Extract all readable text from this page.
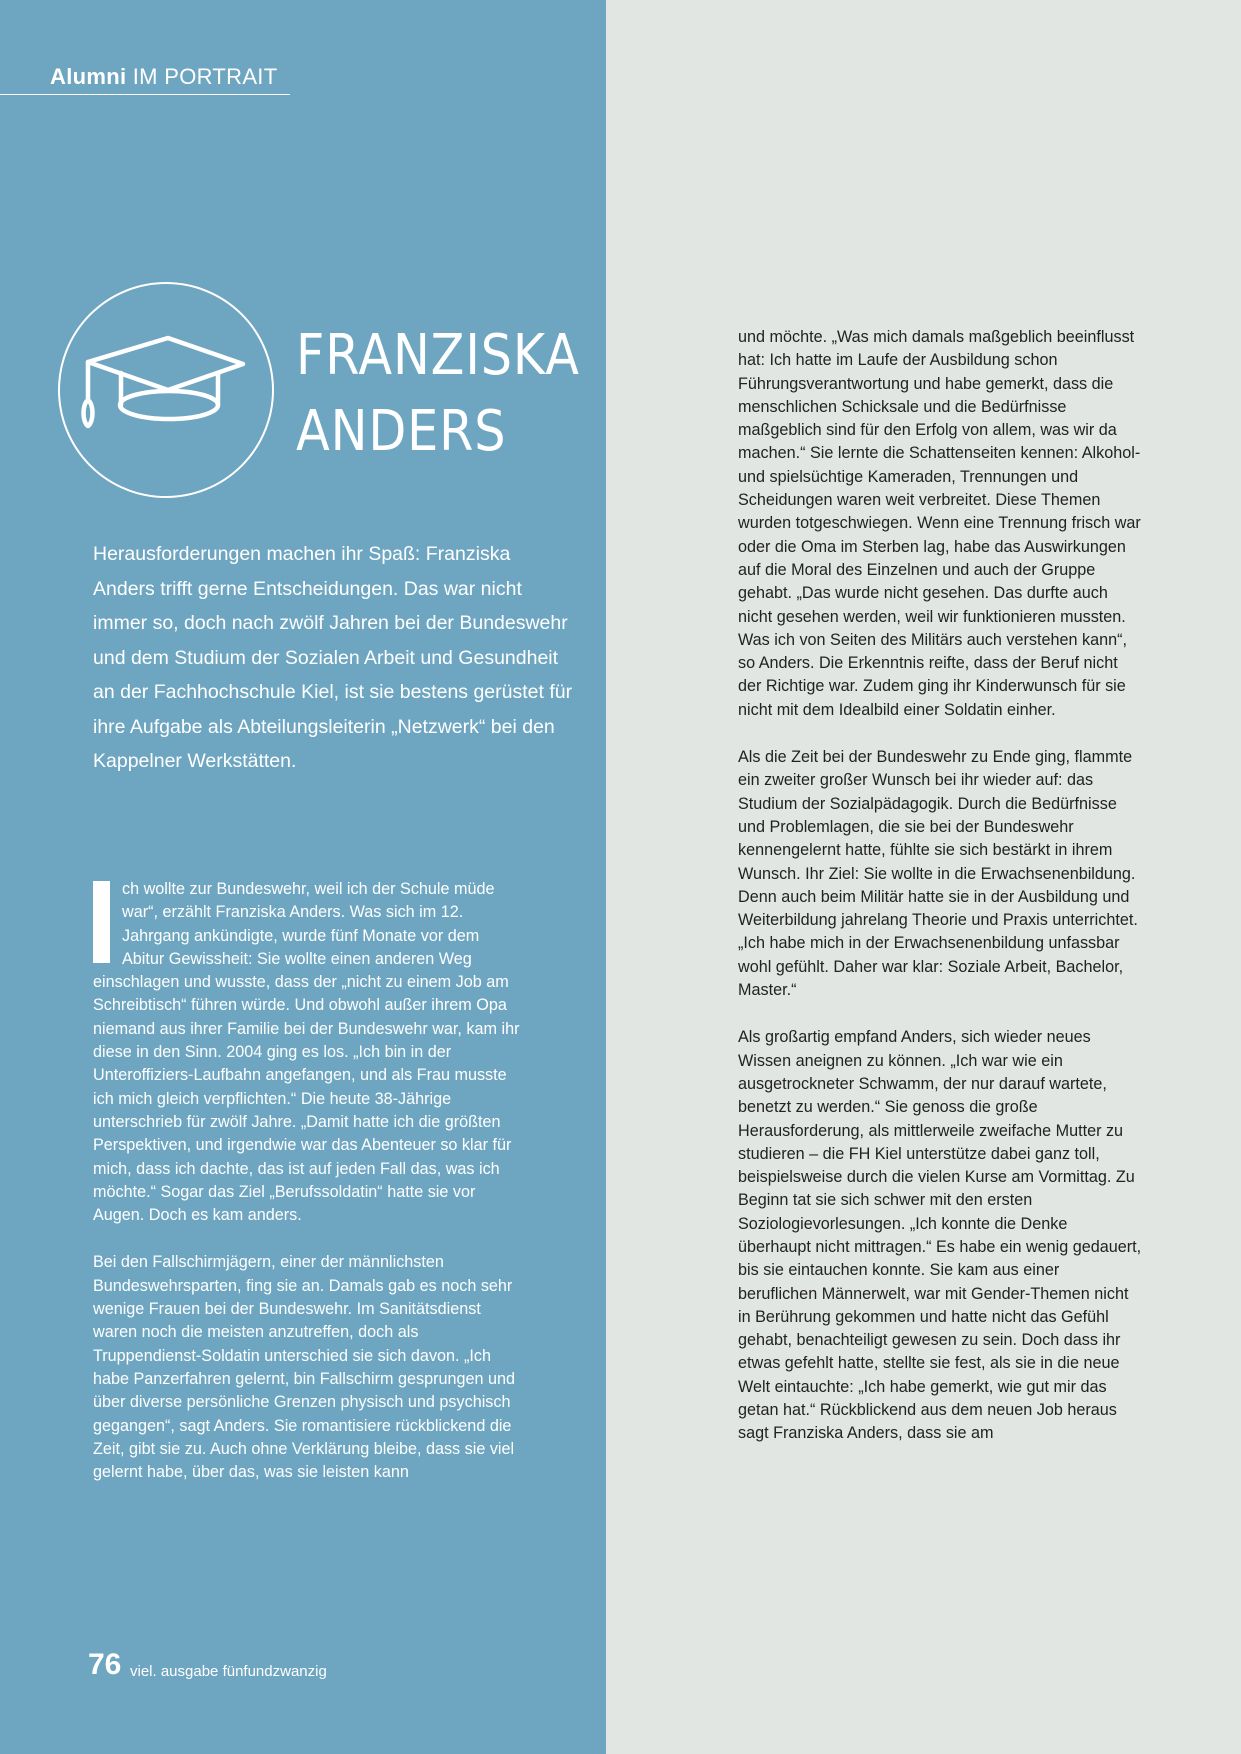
Alumni IM PORTRAIT
FRANZISKA
ANDERS
Herausforderungen machen ihr Spaß: Franziska Anders trifft gerne Entscheidungen. Das war nicht immer so, doch nach zwölf Jahren bei der Bundeswehr und dem Studium der Sozialen Arbeit und Gesundheit an der Fachhochschule Kiel, ist sie bestens gerüstet für ihre Aufgabe als Abteilungsleiterin „Netzwerk“ bei den Kappelner Werkstätten.

ch wollte zur Bundeswehr, weil ich der Schule müde war“, erzählt Franziska Anders. Was sich im 12. Jahrgang ankündigte, wurde fünf Monate vor dem Abitur Gewissheit: Sie wollte einen anderen Weg einschlagen und wusste, dass der „nicht zu einem Job am Schreibtisch“ führen würde. Und obwohl außer ihrem Opa niemand aus ihrer Familie bei der Bundeswehr war, kam ihr diese in den Sinn. 2004 ging es los. „Ich bin in der Unteroffiziers-Laufbahn angefangen, und als Frau musste ich mich gleich verpflichten.“ Die heute 38-Jährige unterschrieb für zwölf Jahre. „Damit hatte ich die größten Perspektiven, und irgendwie war das Abenteuer so klar für mich, dass ich dachte, das ist auf jeden Fall das, was ich möchte.“ Sogar das Ziel „Berufssoldatin“ hatte sie vor Augen. Doch es kam anders.

Bei den Fallschirmjägern, einer der männlichsten Bundeswehrsparten, fing sie an. Damals gab es noch sehr wenige Frauen bei der Bundeswehr. Im Sanitätsdienst waren noch die meisten anzutreffen, doch als Truppendienst-Soldatin unterschied sie sich davon. „Ich habe Panzerfahren gelernt, bin Fallschirm gesprungen und über diverse persönliche Grenzen physisch und psychisch gegangen“, sagt Anders. Sie romantisiere rückblickend die Zeit, gibt sie zu. Auch ohne Verklärung bleibe, dass sie viel gelernt habe, über das, was sie leisten kann

und möchte. „Was mich damals maßgeblich beeinflusst hat: Ich hatte im Laufe der Ausbildung schon Führungsverantwortung und habe gemerkt, dass die menschlichen Schicksale und die Bedürfnisse maßgeblich sind für den Erfolg von allem, was wir da machen.“ Sie lernte die Schattenseiten kennen: Alkohol- und spielsüchtige Kameraden, Trennungen und Scheidungen waren weit verbreitet. Diese Themen wurden totgeschwiegen. Wenn eine Trennung frisch war oder die Oma im Sterben lag, habe das Auswirkungen auf die Moral des Einzelnen und auch der Gruppe gehabt. „Das wurde nicht gesehen. Das durfte auch nicht gesehen werden, weil wir funktionieren mussten. Was ich von Seiten des Militärs auch verstehen kann“, so Anders. Die Erkenntnis reifte, dass der Beruf nicht der Richtige war. Zudem ging ihr Kinderwunsch für sie nicht mit dem Idealbild einer Soldatin einher.

Als die Zeit bei der Bundeswehr zu Ende ging, flammte ein zweiter großer Wunsch bei ihr wieder auf: das Studium der Sozialpädagogik. Durch die Bedürfnisse und Problemlagen, die sie bei der Bundeswehr kennengelernt hatte, fühlte sie sich bestärkt in ihrem Wunsch. Ihr Ziel: Sie wollte in die Erwachsenenbildung. Denn auch beim Militär hatte sie in der Ausbildung und Weiterbildung jahrelang Theorie und Praxis unterrichtet. „Ich habe mich in der Erwachsenenbildung unfassbar wohl gefühlt. Daher war klar: Soziale Arbeit, Bachelor, Master.“

Als großartig empfand Anders, sich wieder neues Wissen aneignen zu können. „Ich war wie ein ausgetrockneter Schwamm, der nur darauf wartete, benetzt zu werden.“ Sie genoss die große Herausforderung, als mittlerweile zweifache Mutter zu studieren – die FH Kiel unterstütze dabei ganz toll, beispielsweise durch die vielen Kurse am Vormittag. Zu Beginn tat sie sich schwer mit den ersten Soziologievorlesungen. „Ich konnte die Denke überhaupt nicht mittragen.“ Es habe ein wenig gedauert, bis sie eintauchen konnte. Sie kam aus einer beruflichen Männerwelt, war mit Gender-Themen nicht in Berührung gekommen und hatte nicht das Gefühl gehabt, benachteiligt gewesen zu sein. Doch dass ihr etwas gefehlt hatte, stellte sie fest, als sie in die neue Welt eintauchte: „Ich habe gemerkt, wie gut mir das getan hat.“ Rückblickend aus dem neuen Job heraus sagt Franziska Anders, dass sie am

76 viel. ausgabe fünfundzwanzig
